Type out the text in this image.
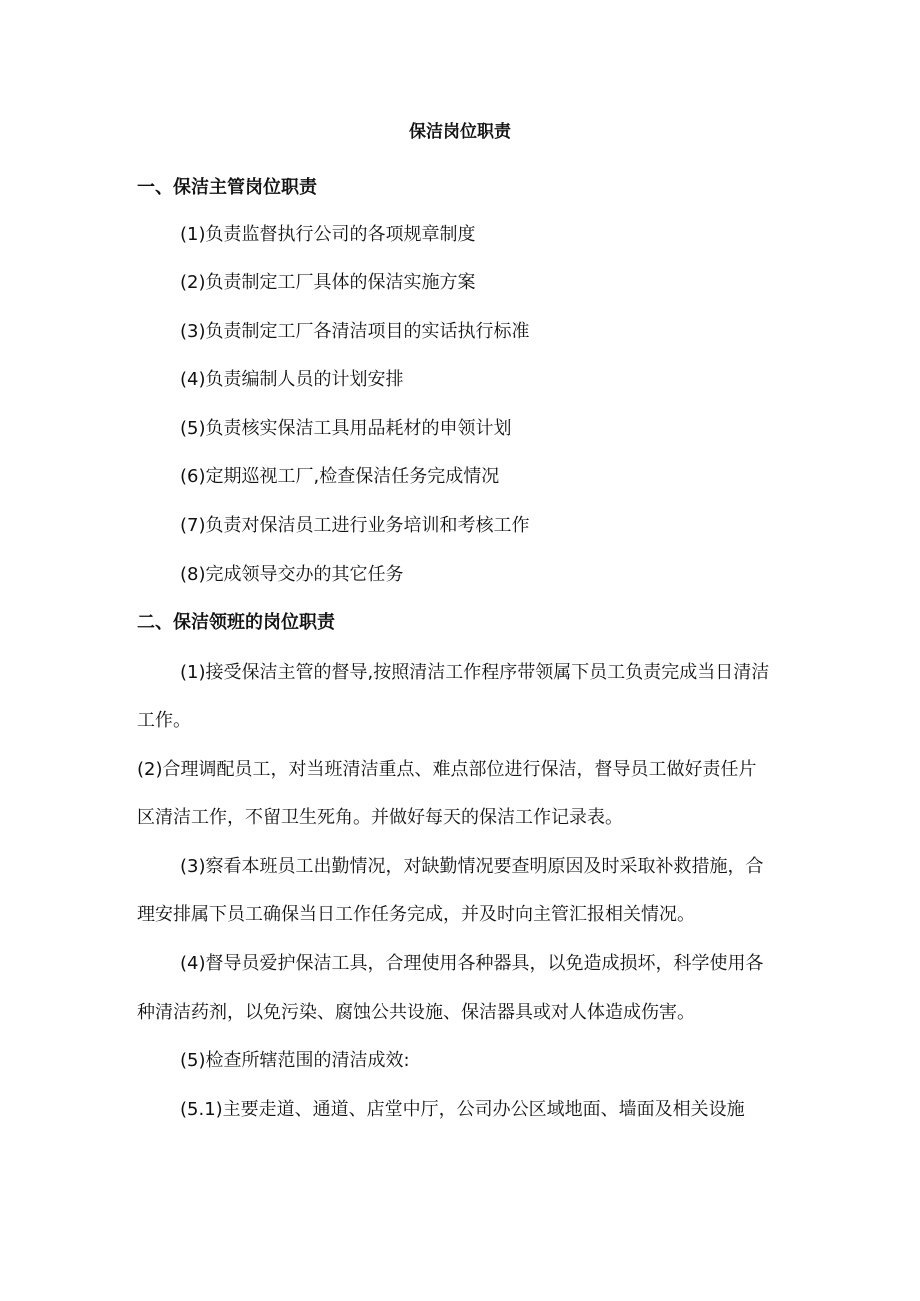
保洁岗位职责
一、保洁主管岗位职责
(1)负责监督执行公司的各项规章制度
(2)负责制定工厂具体的保洁实施方案
(3)负责制定工厂各清洁项目的实话执行标准
(4)负责编制人员的计划安排
(5)负责核实保洁工具用品耗材的申领计划
(6)定期巡视工厂,检查保洁任务完成情况
(7)负责对保洁员工进行业务培训和考核工作
(8)完成领导交办的其它任务
二、保洁领班的岗位职责
(1)接受保洁主管的督导,按照清洁工作程序带领属下员工负责完成当日清洁
工作。
(2)合理调配员工，对当班清洁重点、难点部位进行保洁，督导员工做好责任片
区清洁工作，不留卫生死角。并做好每天的保洁工作记录表。
(3)察看本班员工出勤情况，对缺勤情况要查明原因及时采取补救措施，合
理安排属下员工确保当日工作任务完成，并及时向主管汇报相关情况。
(4)督导员爱护保洁工具，合理使用各种器具，以免造成损坏，科学使用各
种清洁药剂，以免污染、腐蚀公共设施、保洁器具或对人体造成伤害。
(5)检查所辖范围的清洁成效:
(5.1)主要走道、通道、店堂中厅，公司办公区域地面、墙面及相关设施
